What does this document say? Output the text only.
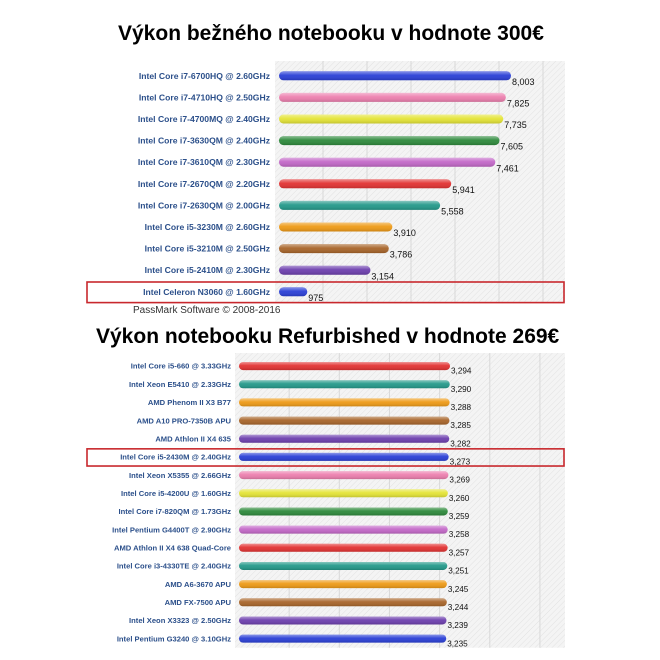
Výkon bežného notebooku v hodnote 300€
Výkon notebooku Refurbished v hodnote 269€
Intel Core i7-6700HQ @ 2.60GHz
8,003
Intel Core i7-4710HQ @ 2.50GHz
7,825
Intel Core i7-4700MQ @ 2.40GHz
7,735
Intel Core i7-3630QM @ 2.40GHz
7,605
Intel Core i7-3610QM @ 2.30GHz
7,461
Intel Core i7-2670QM @ 2.20GHz
5,941
Intel Core i7-2630QM @ 2.00GHz
5,558
Intel Core i5-3230M @ 2.60GHz
3,910
Intel Core i5-3210M @ 2.50GHz
3,786
Intel Core i5-2410M @ 2.30GHz
3,154
Intel Celeron N3060 @ 1.60GHz
975
Intel Core i5-660 @ 3.33GHz
3,294
Intel Xeon E5410 @ 2.33GHz
3,290
AMD Phenom II X3 B77
3,288
AMD A10 PRO-7350B APU
3,285
AMD Athlon II X4 635
3,282
Intel Core i5-2430M @ 2.40GHz
3,273
Intel Xeon X5355 @ 2.66GHz
3,269
Intel Core i5-4200U @ 1.60GHz
3,260
Intel Core i7-820QM @ 1.73GHz
3,259
Intel Pentium G4400T @ 2.90GHz
3,258
AMD Athlon II X4 638 Quad-Core
3,257
Intel Core i3-4330TE @ 2.40GHz
3,251
AMD A6-3670 APU
3,245
AMD FX-7500 APU
3,244
Intel Xeon X3323 @ 2.50GHz
3,239
Intel Pentium G3240 @ 3.10GHz
3,235
PassMark Software © 2008-2016
